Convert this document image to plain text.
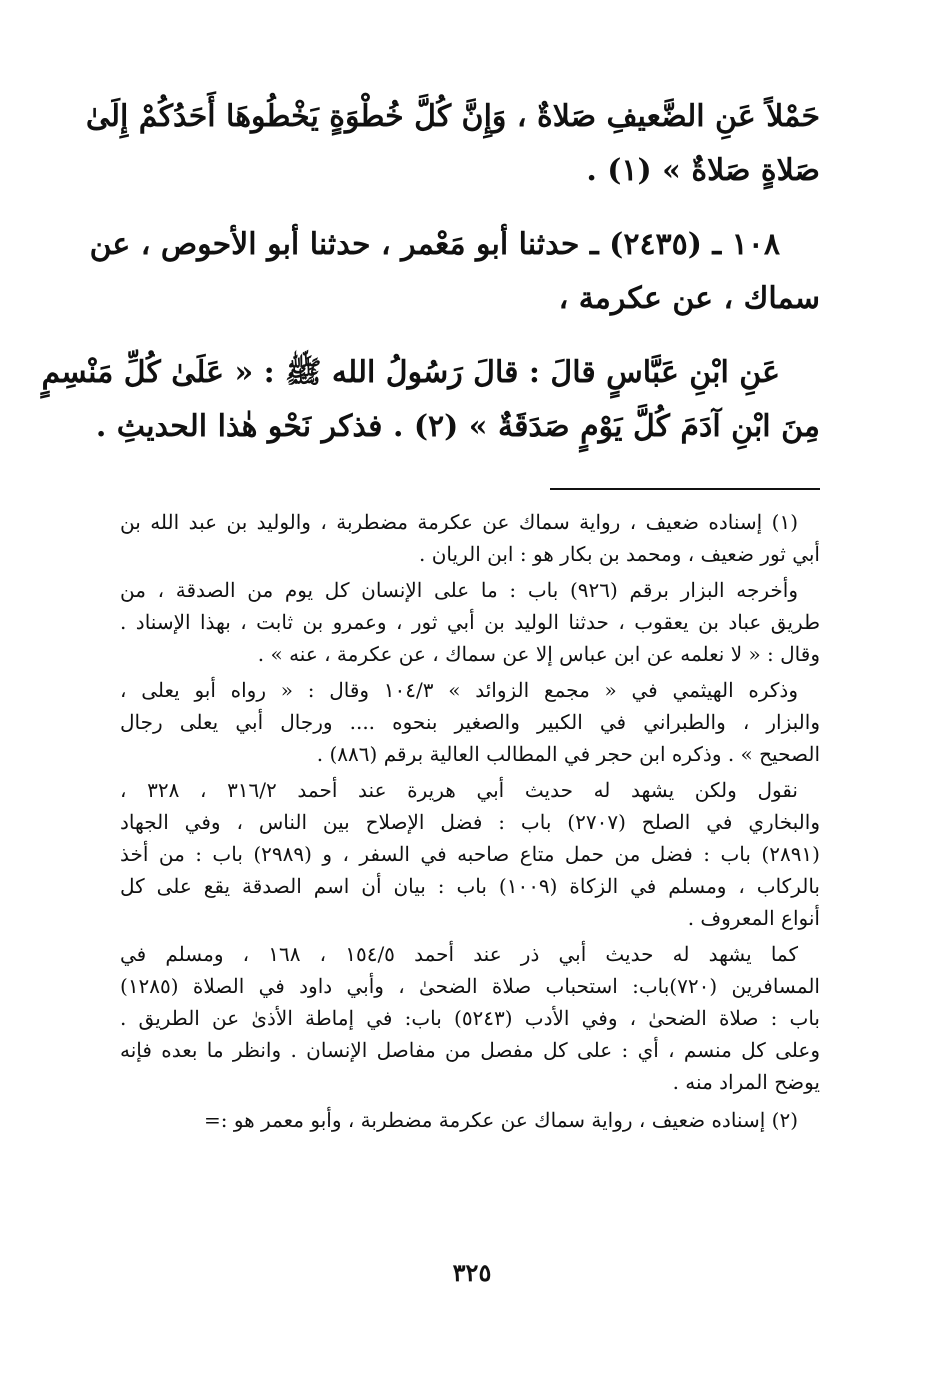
حَمْلاً عَنِ الضَّعيفِ صَلاةٌ ، وَإِنَّ كُلَّ خُطْوَةٍ يَخْطُوهَا أَحَدُكُمْ إِلَىٰ

صَلاةٍ صَلاةٌ » (١) .

١٠٨ ـ (٢٤٣٥) ـ حدثنا أبو مَعْمر ، حدثنا أبو الأحوص ، عن

سماك ، عن عكرمة ،

عَنِ ابْنِ عَبَّاسٍ قالَ : قالَ رَسُولُ الله ﷺ : « عَلَىٰ كُلِّ مَنْسِمٍ

مِنَ ابْنِ آدَمَ كُلَّ يَوْمٍ صَدَقَةٌ » (٢) . فذكر نَحْو هٰذا الحديثِ .

(١) إسناده ضعيف ، رواية سماك عن عكرمة مضطربة ، والوليد بن عبد الله بن

أبي ثور ضعيف ، ومحمد بن بكار هو : ابن الريان .

وأخرجه البزار برقم (٩٢٦) باب : ما على الإنسان كل يوم من الصدقة ، من

طريق عباد بن يعقوب ، حدثنا الوليد بن أبي ثور ، وعمرو بن ثابت ، بهذا الإسناد .

وقال : « لا نعلمه عن ابن عباس إلا عن سماك ، عن عكرمة ، عنه » .

وذكره الهيثمي في « مجمع الزوائد » ١٠٤/٣ وقال : « رواه أبو يعلى ،

والبزار ، والطبراني في الكبير والصغير بنحوه .... ورجال أبي يعلى رجال

الصحيح » . وذكره ابن حجر في المطالب العالية برقم (٨٨٦) .

نقول ولكن يشهد له حديث أبي هريرة عند أحمد ٣١٦/٢ ، ٣٢٨ ،

والبخاري في الصلح (٢٧٠٧) باب : فضل الإصلاح بين الناس ، وفي الجهاد

(٢٨٩١) باب : فضل من حمل متاع صاحبه في السفر ، و (٢٩٨٩) باب : من أخذ

بالركاب ، ومسلم في الزكاة (١٠٠٩) باب : بيان أن اسم الصدقة يقع على كل

أنواع المعروف .

كما يشهد له حديث أبي ذر عند أحمد ١٥٤/٥ ، ١٦٨ ، ومسلم في

المسافرين (٧٢٠)باب: استحباب صلاة الضحىٰ ، وأبي داود في الصلاة (١٢٨٥)

باب : صلاة الضحىٰ ، وفي الأدب (٥٢٤٣) باب: في إماطة الأذىٰ عن الطريق .

وعلى كل منسم ، أي : على كل مفصل من مفاصل الإنسان . وانظر ما بعده فإنه

يوضح المراد منه .

(٢) إسناده ضعيف ، رواية سماك عن عكرمة مضطربة ، وأبو معمر هو :=

٣٢٥
